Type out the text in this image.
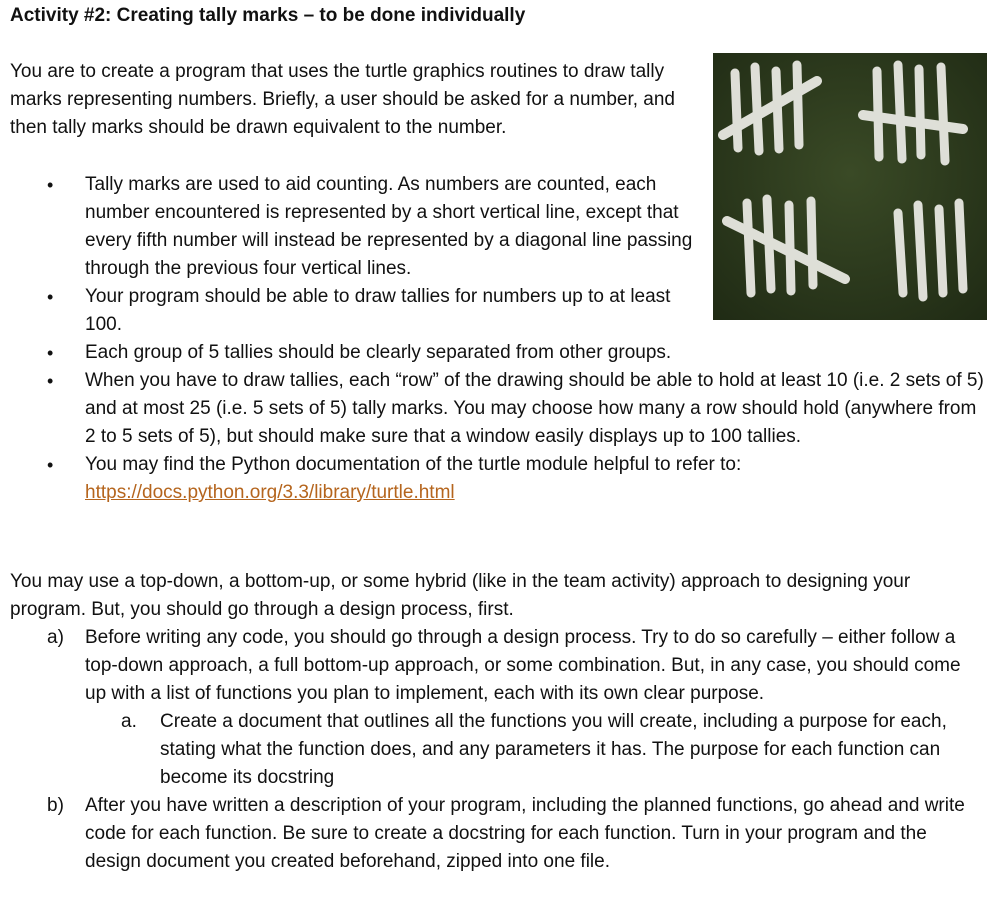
Activity #2: Creating tally marks – to be done individually
You are to create a program that uses the turtle graphics routines to draw tally marks representing numbers. Briefly, a user should be asked for a number, and then tally marks should be drawn equivalent to the number.
• Tally marks are used to aid counting. As numbers are counted, each number encountered is represented by a short vertical line, except that every fifth number will instead be represented by a diagonal line passing through the previous four vertical lines.
• Your program should be able to draw tallies for numbers up to at least 100.
• Each group of 5 tallies should be clearly separated from other groups.
• When you have to draw tallies, each “row” of the drawing should be able to hold at least 10 (i.e. 2 sets of 5) and at most 25 (i.e. 5 sets of 5) tally marks. You may choose how many a row should hold (anywhere from 2 to 5 sets of 5), but should make sure that a window easily displays up to 100 tallies.
• You may find the Python documentation of the turtle module helpful to refer to:
https://docs.python.org/3.3/library/turtle.html
You may use a top-down, a bottom-up, or some hybrid (like in the team activity) approach to designing your program. But, you should go through a design process, first.
a) Before writing any code, you should go through a design process. Try to do so carefully – either follow a top-down approach, a full bottom-up approach, or some combination. But, in any case, you should come up with a list of functions you plan to implement, each with its own clear purpose.
a. Create a document that outlines all the functions you will create, including a purpose for each, stating what the function does, and any parameters it has. The purpose for each function can become its docstring
b) After you have written a description of your program, including the planned functions, go ahead and write code for each function. Be sure to create a docstring for each function. Turn in your program and the design document you created beforehand, zipped into one file.
